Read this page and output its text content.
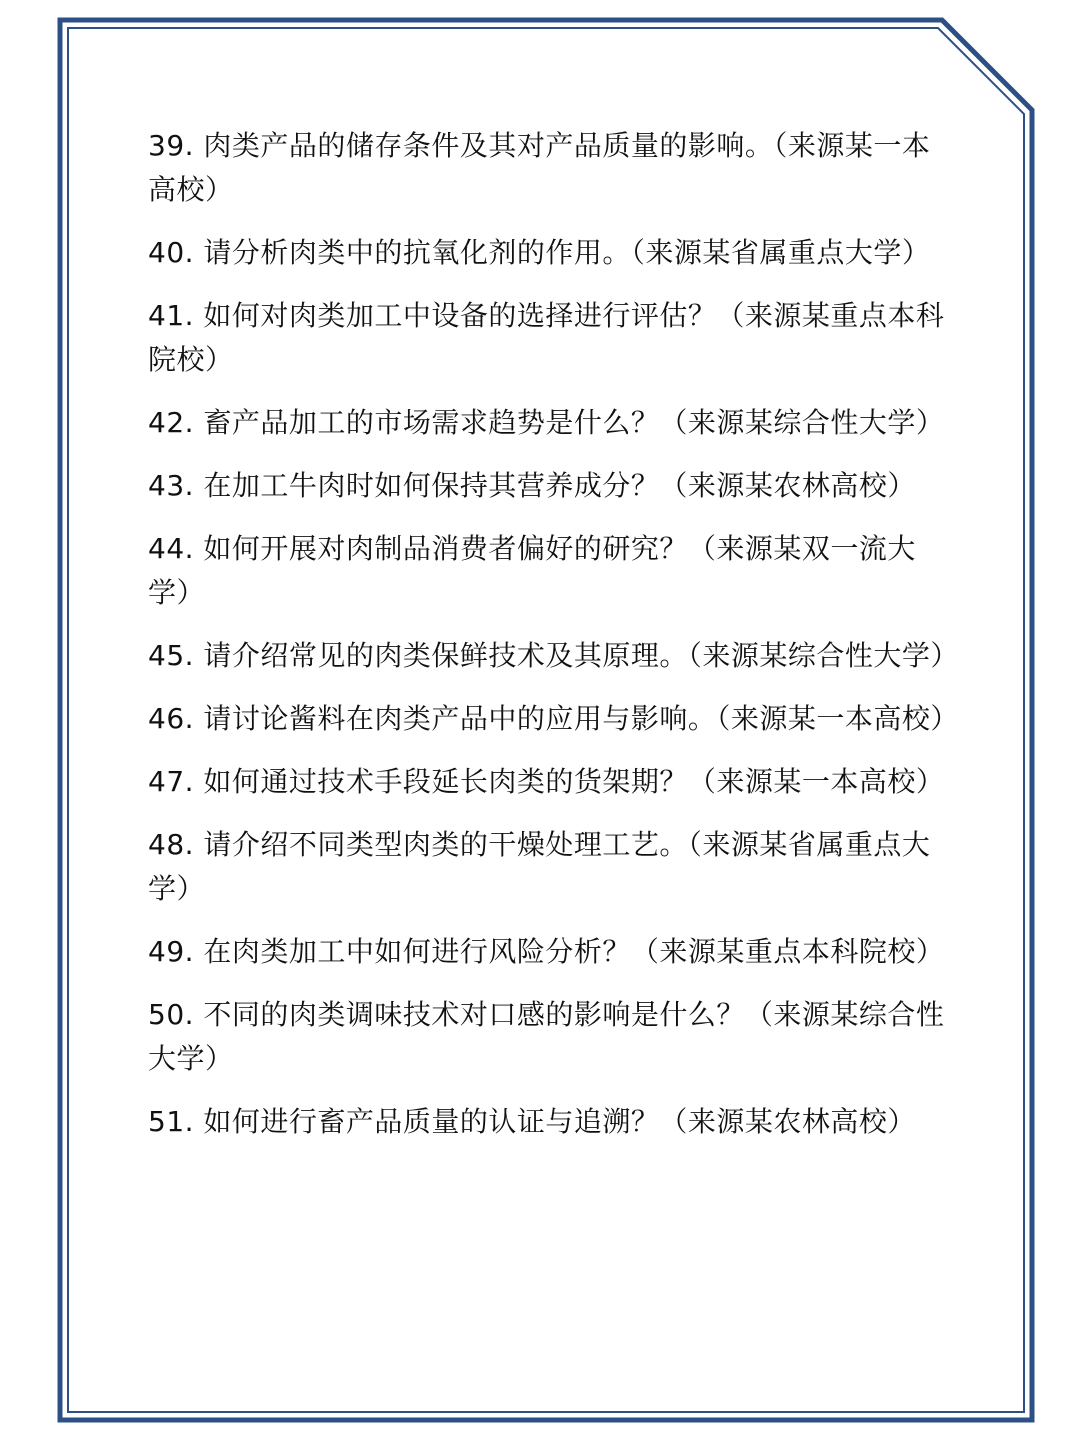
39. 肉类产品的储存条件及其对产品质量的影响。（来源某一本高校）
40. 请分析肉类中的抗氧化剂的作用。（来源某省属重点大学）
41. 如何对肉类加工中设备的选择进行评估？（来源某重点本科院校）
42. 畜产品加工的市场需求趋势是什么？（来源某综合性大学）
43. 在加工牛肉时如何保持其营养成分？（来源某农林高校）
44. 如何开展对肉制品消费者偏好的研究？（来源某双一流大学）
45. 请介绍常见的肉类保鲜技术及其原理。（来源某综合性大学）
46. 请讨论酱料在肉类产品中的应用与影响。（来源某一本高校）
47. 如何通过技术手段延长肉类的货架期？（来源某一本高校）
48. 请介绍不同类型肉类的干燥处理工艺。（来源某省属重点大学）
49. 在肉类加工中如何进行风险分析？（来源某重点本科院校）
50. 不同的肉类调味技术对口感的影响是什么？（来源某综合性大学）
51. 如何进行畜产品质量的认证与追溯？（来源某农林高校）
